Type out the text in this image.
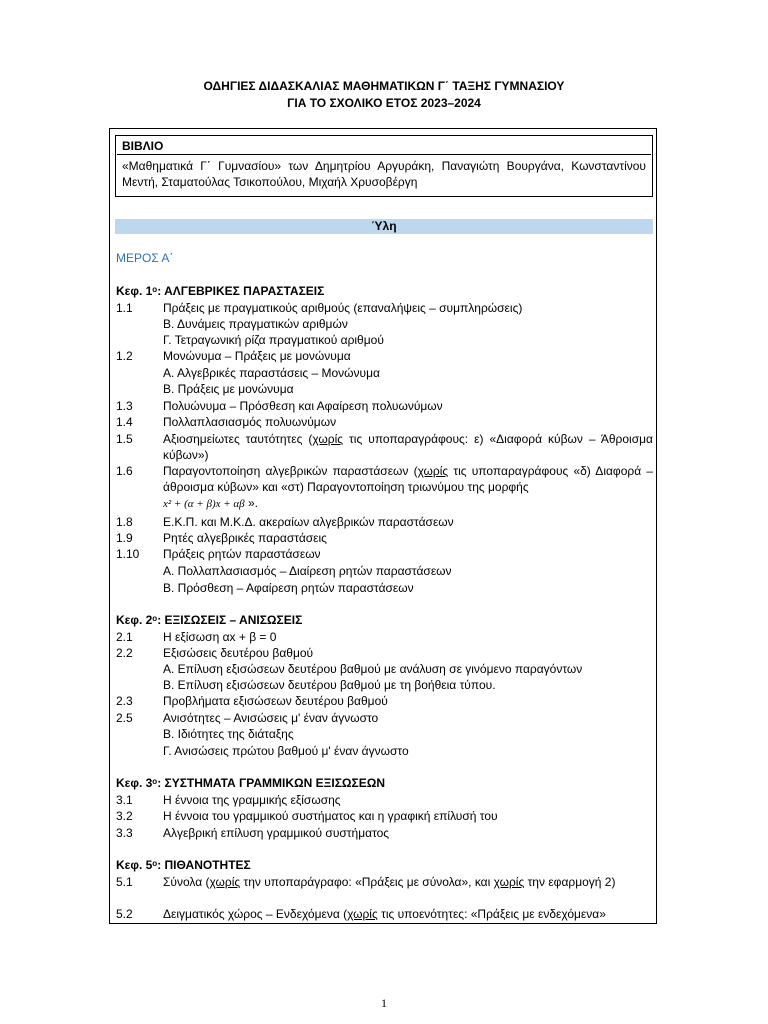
ΟΔΗΓΙΕΣ ΔΙΔΑΣΚΑΛΙΑΣ ΜΑΘΗΜΑΤΙΚΩΝ Γ΄ ΤΑΞΗΣ ΓΥΜΝΑΣΙΟΥ
ΓΙΑ ΤΟ ΣΧΟΛΙΚΟ ΕΤΟΣ 2023–2024
ΒΙΒΛΙΟ
«Μαθηματικά Γ΄ Γυμνασίου» των Δημητρίου Αργυράκη, Παναγιώτη Βουργάνα, Κωνσταντίνου Μεντή, Σταματούλας Τσικοπούλου, Μιχαήλ Χρυσοβέργη
Ύλη
ΜΕΡΟΣ Α΄
Κεφ. $1^o$: ΑΛΓΕΒΡΙΚΕΣ ΠΑΡΑΣΤΑΣΕΙΣ
1.1	Πράξεις με πραγματικούς αριθμούς (επαναλήψεις – συμπληρώσεις)
Β. Δυνάμεις πραγματικών αριθμών
Γ. Τετραγωνική ρίζα πραγματικού αριθμού
1.2	Μονώνυμα – Πράξεις με μονώνυμα
Α. Αλγεβρικές παραστάσεις – Μονώνυμα
Β. Πράξεις με μονώνυμα
1.3	Πολυώνυμα – Πρόσθεση και Αφαίρεση πολυωνύμων
1.4	Πολλαπλασιασμός πολυωνύμων
1.5	Αξιοσημείωτες ταυτότητες (χωρίς τις υποπαραγράφους: ε) «Διαφορά κύβων – Άθροισμα κύβων»)
1.6	Παραγοντοποίηση αλγεβρικών παραστάσεων (χωρίς τις υποπαραγράφους «δ) Διαφορά – άθροισμα κύβων» και «στ) Παραγοντοποίηση τριωνύμου της μορφής
x² + (α + β)x + αβ ».
1.8	Ε.Κ.Π. και Μ.Κ.Δ. ακεραίων αλγεβρικών παραστάσεων
1.9	Ρητές αλγεβρικές παραστάσεις
1.10 Πράξεις ρητών παραστάσεων
Α. Πολλαπλασιασμός – Διαίρεση ρητών παραστάσεων
Β. Πρόσθεση – Αφαίρεση ρητών παραστάσεων
Κεφ. $2^o$: ΕΞΙΣΩΣΕΙΣ – ΑΝΙΣΩΣΕΙΣ
2.1	Η εξίσωση αx + β = 0
2.2	Εξισώσεις δευτέρου βαθμού
Α. Επίλυση εξισώσεων δευτέρου βαθμού με ανάλυση σε γινόμενο παραγόντων
Β. Επίλυση εξισώσεων δευτέρου βαθμού με τη βοήθεια τύπου.
2.3	Προβλήματα εξισώσεων δευτέρου βαθμού
2.5	Ανισότητες – Ανισώσεις μ' έναν άγνωστο
Β. Ιδιότητες της διάταξης
Γ. Ανισώσεις πρώτου βαθμού μ' έναν άγνωστο
Κεφ. $3^o$: ΣΥΣΤΗΜΑΤΑ ΓΡΑΜΜΙΚΩΝ ΕΞΙΣΩΣΕΩΝ
3.1	Η έννοια της γραμμικής εξίσωσης
3.2	Η έννοια του γραμμικού συστήματος και η γραφική επίλυσή του
3.3	Αλγεβρική επίλυση γραμμικού συστήματος
Κεφ. $5^o$: ΠΙΘΑΝΟΤΗΤΕΣ
5.1	Σύνολα (χωρίς την υποπαράγραφο: «Πράξεις με σύνολα», και χωρίς την εφαρμογή 2)
5.2	Δειγματικός χώρος – Ενδεχόμενα (χωρίς τις υποενότητες: «Πράξεις με ενδεχόμενα»
1
